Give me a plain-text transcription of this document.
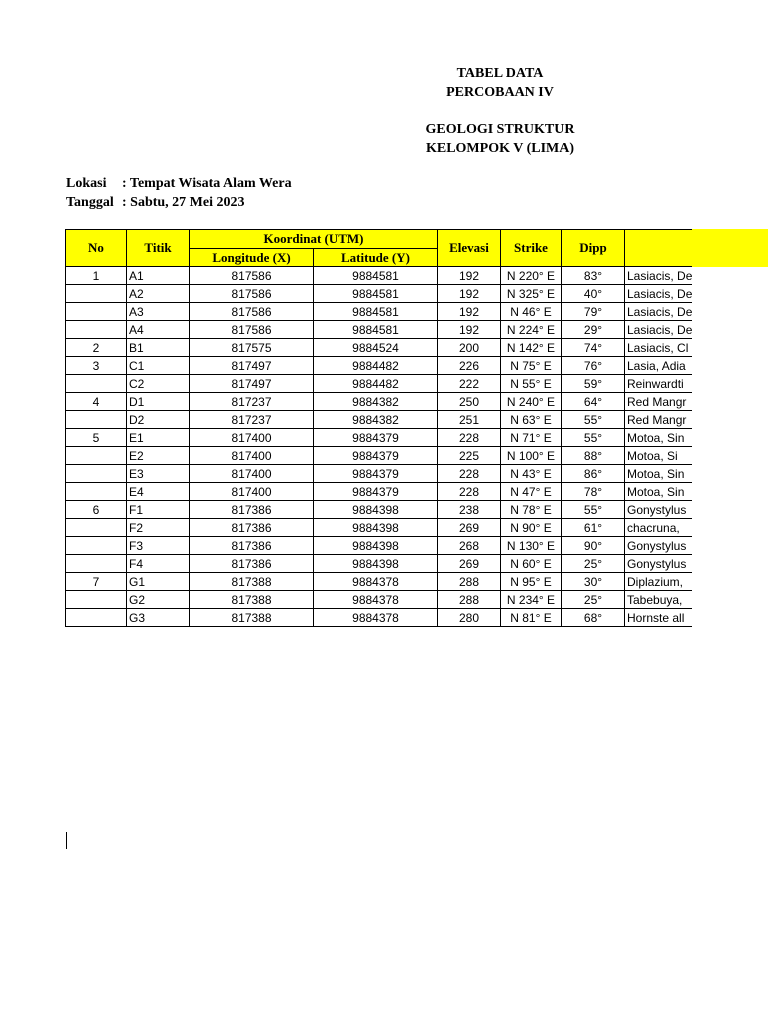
TABEL DATA
PERCOBAAN IV
GEOLOGI STRUKTUR
KELOMPOK V (LIMA)
Lokasi : Tempat Wisata Alam Wera
Tanggal : Sabtu, 27 Mei 2023
No	Titik	Koordinat (UTM)		Elevasi	Strike	Dipp	
		Longitude (X)	Latitude (Y)				
1	A1	817586	9884581	192	N 220° E	83°	Lasiacis, De
	A2	817586	9884581	192	N 325° E	40°	Lasiacis, De
	A3	817586	9884581	192	N 46° E	79°	Lasiacis, De
	A4	817586	9884581	192	N 224° E	29°	Lasiacis, De
2	B1	817575	9884524	200	N 142° E	74°	Lasiacis, Cl
3	C1	817497	9884482	226	N 75° E	76°	Lasia, Adia
	C2	817497	9884482	222	N 55° E	59°	Reinwardti
4	D1	817237	9884382	250	N 240° E	64°	Red Mangr
	D2	817237	9884382	251	N 63° E	55°	Red Mangr
5	E1	817400	9884379	228	N 71° E	55°	Motoa, Sin
	E2	817400	9884379	225	N 100° E	88°	Motoa, Si
	E3	817400	9884379	228	N 43° E	86°	Motoa, Sin
	E4	817400	9884379	228	N 47° E	78°	Motoa, Sin
6	F1	817386	9884398	238	N 78° E	55°	Gonystylus
	F2	817386	9884398	269	N 90° E	61°	chacruna,
	F3	817386	9884398	268	N 130° E	90°	Gonystylus
	F4	817386	9884398	269	N 60° E	25°	Gonystylus
7	G1	817388	9884378	288	N 95° E	30°	Diplazium,
	G2	817388	9884378	288	N 234° E	25°	Tabebuya,
	G3	817388	9884378	280	N 81° E	68°	Hornste all
